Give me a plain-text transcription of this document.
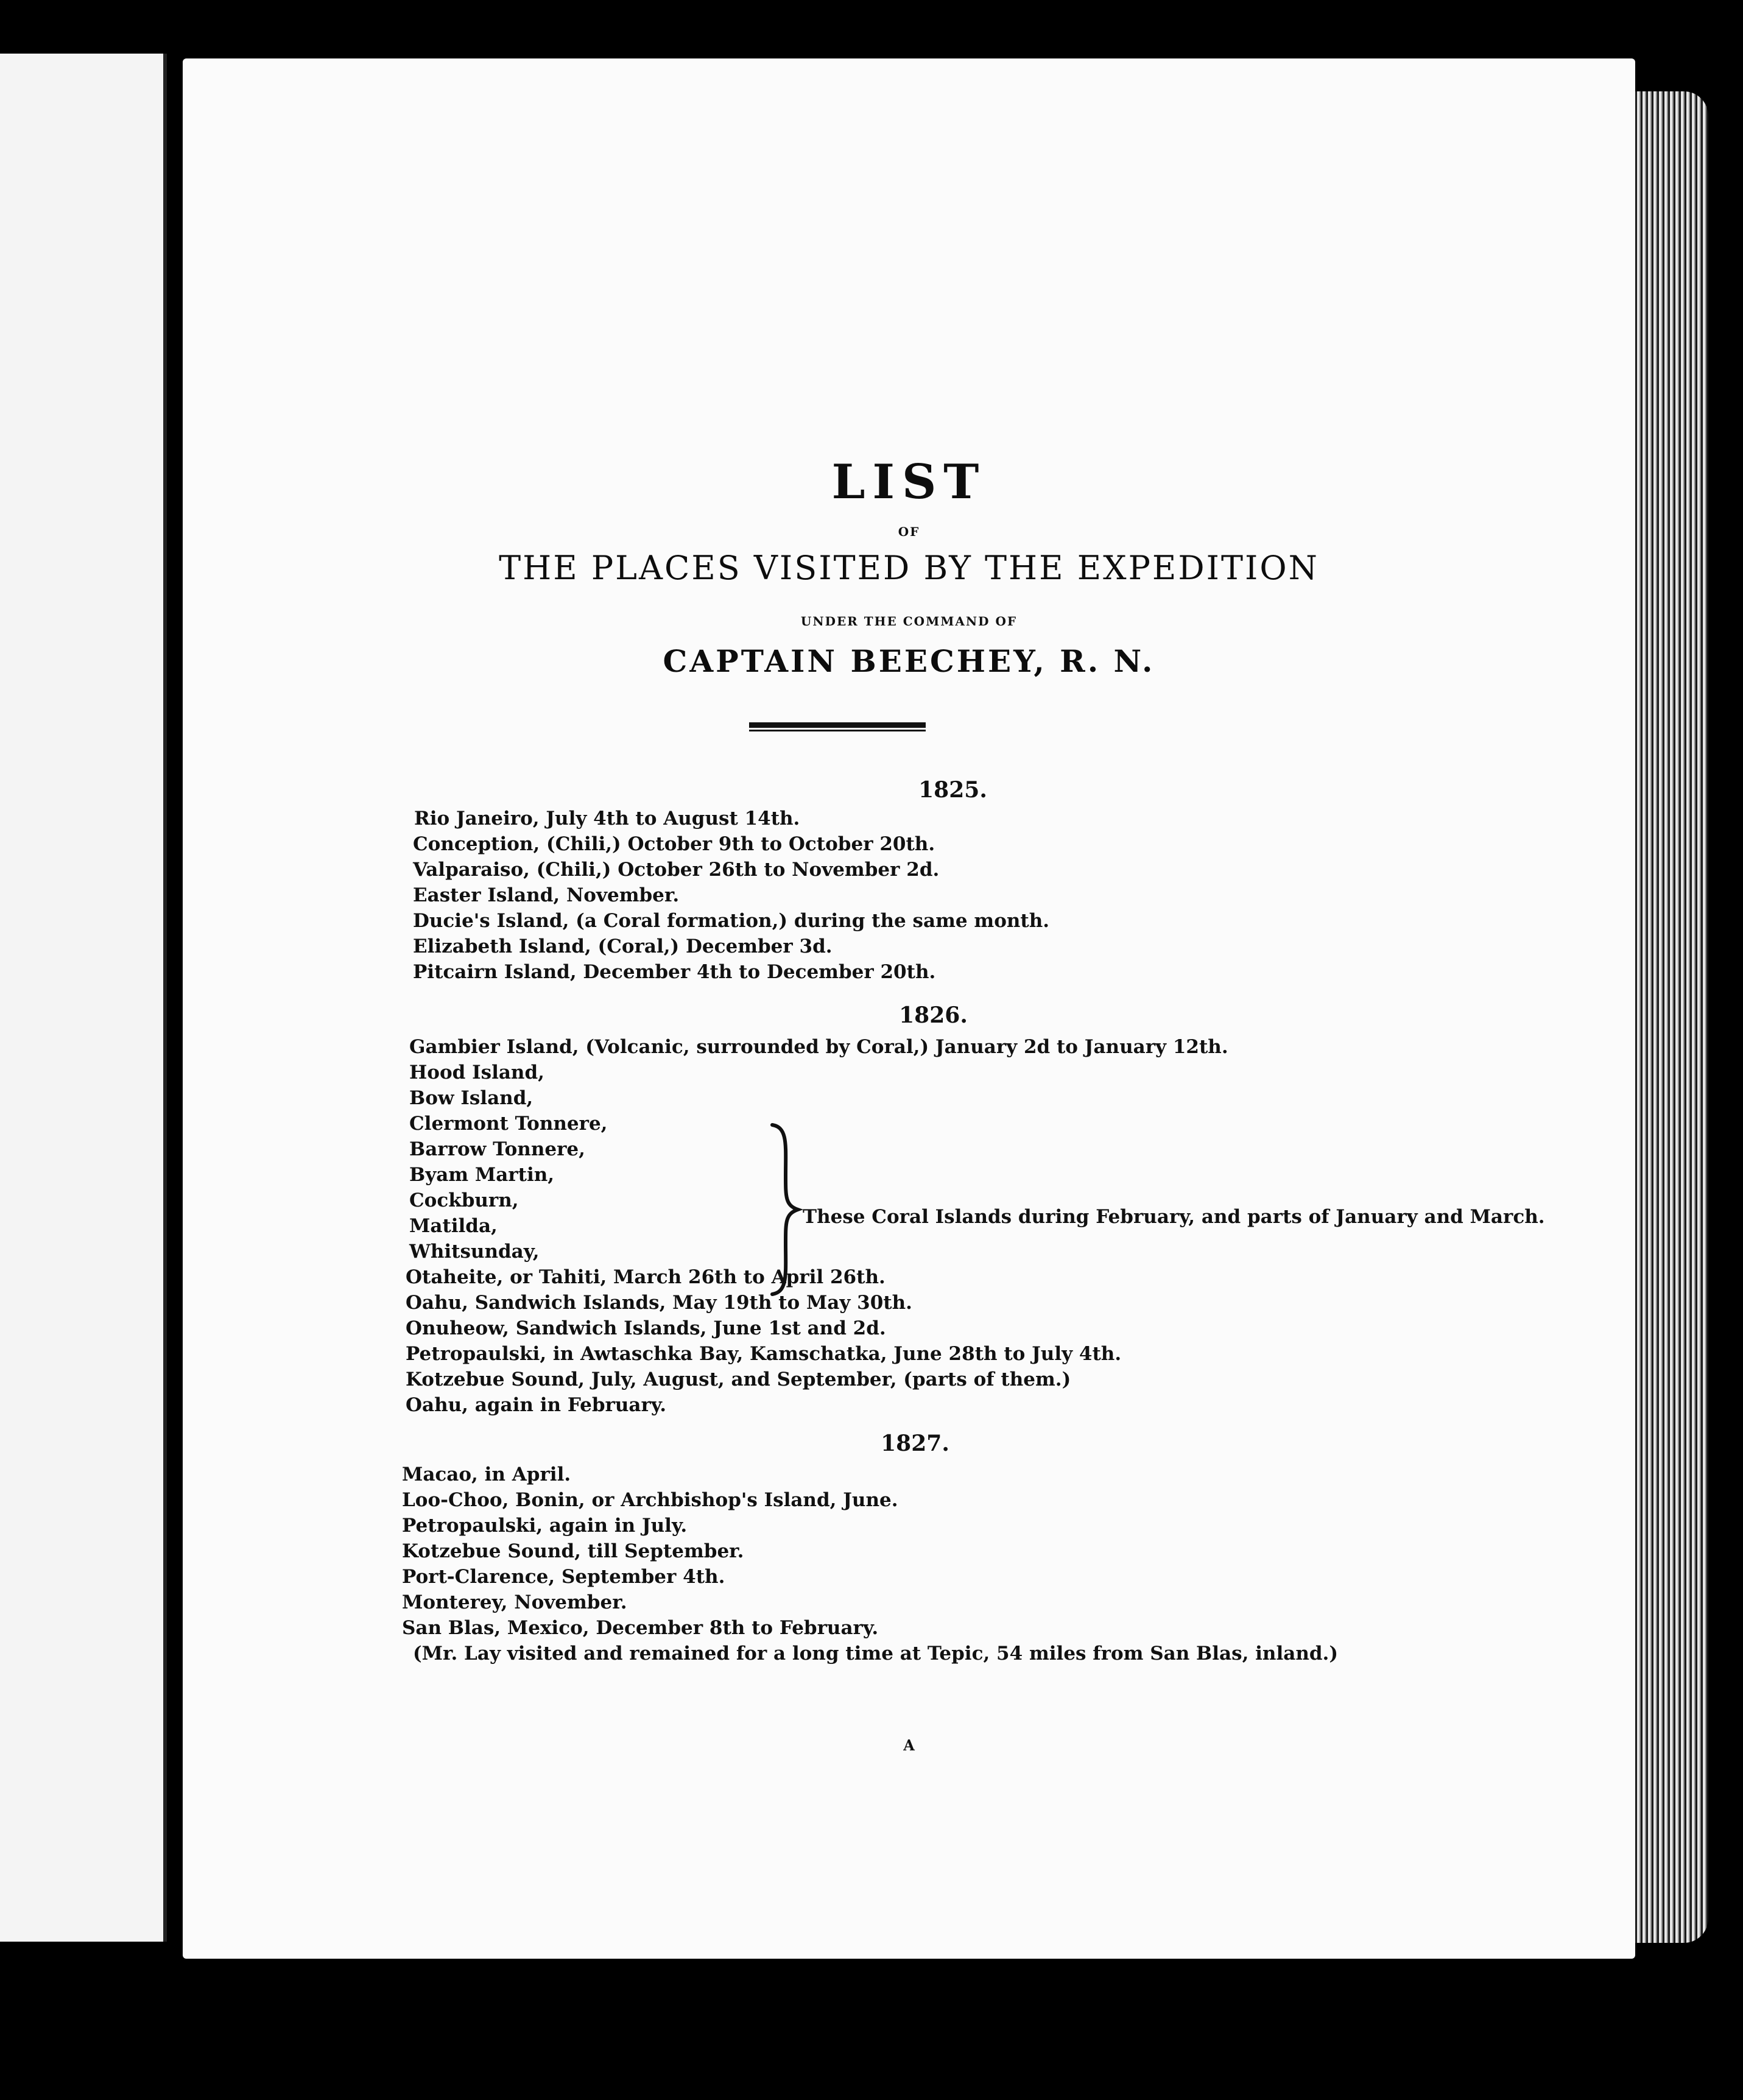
LIST
OF
THE PLACES VISITED BY THE EXPEDITION
UNDER THE COMMAND OF
CAPTAIN BEECHEY, R. N.
1825.
Rio Janeiro, July 4th to August 14th.
Conception, (Chili,) October 9th to October 20th.
Valparaiso, (Chili,) October 26th to November 2d.
Easter Island, November.
Ducie's Island, (a Coral formation,) during the same month.
Elizabeth Island, (Coral,) December 3d.
Pitcairn Island, December 4th to December 20th.
1826.
Gambier Island, (Volcanic, surrounded by Coral,) January 2d to January 12th.
Hood Island,
Bow Island,
Clermont Tonnere,
Barrow Tonnere,
Byam Martin,
Cockburn,
Matilda,
Whitsunday,
These Coral Islands during February, and parts of January and March.
Otaheite, or Tahiti, March 26th to April 26th.
Oahu, Sandwich Islands, May 19th to May 30th.
Onuheow, Sandwich Islands, June 1st and 2d.
Petropaulski, in Awtaschka Bay, Kamschatka, June 28th to July 4th.
Kotzebue Sound, July, August, and September, (parts of them.)
Oahu, again in February.
1827.
Macao, in April.
Loo-Choo, Bonin, or Archbishop's Island, June.
Petropaulski, again in July.
Kotzebue Sound, till September.
Port-Clarence, September 4th.
Monterey, November.
San Blas, Mexico, December 8th to February.
(Mr. Lay visited and remained for a long time at Tepic, 54 miles from San Blas, inland.)
A
